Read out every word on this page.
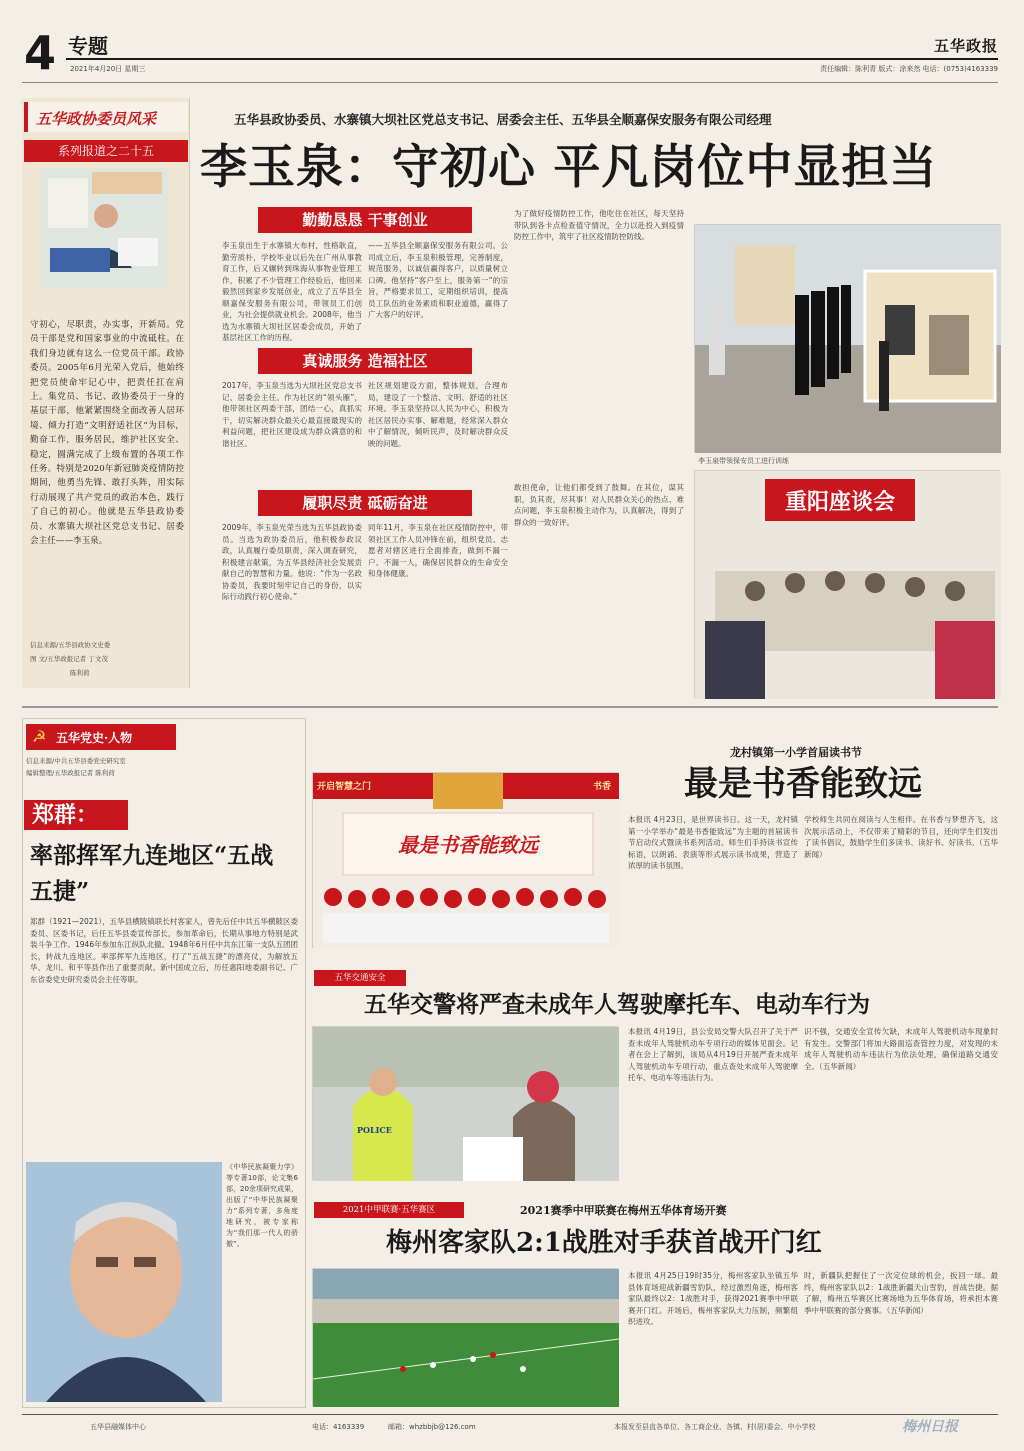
4 专题	五华政报
2021年4月20日 星期三	责任编辑：陈利青 版式：涂来然 电话：(0753)4163339
五华政协委员风采
系列报道之二十五
守初心，尽职责，办实事，开新局。党员干部是党和国家事业的中流砥柱。在我们身边就有这么一位党员干部。政协委员。2005年6月光荣入党后，他始终把党员使命牢记心中，把责任扛在肩上。集党员、书记、政协委员于一身的基层干部，他紧紧围绕全面改善人居环境、倾力打造“文明舒适社区”为目标，勤奋工作，服务居民，维护社区安全、稳定，圆满完成了上级布置的各项工作任务。特别是2020年新冠肺炎疫情防控期间，他勇当先锋、敢打头阵，用实际行动展现了共产党员的政治本色，践行了自己的初心。他就是五华县政协委员、水寨镇大坝社区党总支书记、居委会主任——李玉泉。
信息来源/五华县政协文史委
图 文/五华政报记者 丁文茂
陈利荷
五华县政协委员、水寨镇大坝社区党总支书记、居委会主任、五华县全顺嘉保安服务有限公司经理
李玉泉：守初心 平凡岗位中显担当
勤勤恳恳 干事创业
真诚服务 造福社区
履职尽责 砥砺奋进
李玉泉出生于水寨镇大布村，性格耿直，勤劳质朴，学校毕业以后先在广州从事教育工作，后又辗转到珠海从事物业管理工作，积累了不少管理工作经验后，他回来毅然回到家乡发展创业，成立了五华县全顺嘉保安服务有限公司，带领员工们创业，为社会提供就业机会。2008年，他当选为水寨镇大坝社区居委会成员，开始了基层社区工作的历程。
——五华县全顺嘉保安服务有限公司。公司成立后，李玉泉积极管理，完善制度，规范服务，以诚信赢得客户，以质量树立口碑。他坚持“客户至上，服务第一”的宗旨，严格要求员工，定期组织培训，提高员工队伍的业务素质和职业道德，赢得了广大客户的好评。
2017年，李玉泉当选为大坝社区党总支书记、居委会主任。作为社区的“领头雁”，他带领社区两委干部，团结一心，真抓实干，切实解决群众最关心最直接最现实的利益问题，把社区建设成为群众满意的和谐社区。
社区规划建设方面，整体规划，合理布局，建设了一个整洁、文明、舒适的社区环境。李玉泉坚持以人民为中心，积极为社区居民办实事、解难题，经常深入群众中了解情况，倾听民声，及时解决群众反映的问题。
2009年，李玉泉光荣当选为五华县政协委员。当选为政协委员后，他积极参政议政，认真履行委员职责，深入调查研究，积极建言献策，为五华县经济社会发展贡献自己的智慧和力量。他说：“作为一名政协委员，我要时刻牢记自己的身份，以实际行动践行初心使命。”
同年11月，李玉泉在社区疫情防控中，带领社区工作人员冲锋在前，组织党员、志愿者对辖区进行全面排查，做到不漏一户、不漏一人，确保居民群众的生命安全和身体健康。
为了做好疫情防控工作，他吃住在社区，每天坚持带队到各卡点检查值守情况，全力以赴投入到疫情防控工作中，筑牢了社区疫情防控防线。
敢担使命，让他们都受到了鼓舞。在其位，谋其职，负其责，尽其事！对人民群众关心的热点、难点问题，李玉泉积极主动作为，认真解决，得到了群众的一致好评。
李玉泉带领保安员工进行训练
重阳座谈会
☭ 五华党史·人物
信息来源/中共五华县委党史研究室
编辑整理/五华政报记者 陈利荷
郑群：
率部挥军九连地区“五战五捷”
郑群（1921—2021），五华县横陂镇联长村客家人，曾先后任中共五华横陂区委委员、区委书记，后任五华县委宣传部长，参加革命后，长期从事地方特别是武装斗争工作。1946年参加东江纵队北撤。1948年6月任中共东江第一支队五团团长，转战九连地区。率部挥军九连地区，打了“五战五捷”的漂亮仗，为解放五华、龙川、和平等县作出了重要贡献。新中国成立后，历任惠阳地委副书记、广东省委党史研究委员会主任等职。
《中华民族凝聚力学》等专著10部，论文集6部，20余项研究成果，出版了“中华民族凝聚力”系列专著，多角度地研究，被专家称为“我们那一代人的骄傲”。
龙村镇第一小学首届读书节
最是书香能致远
开启智慧之门	书香
最是书香能致远
本报讯 4月23日，是世界读书日。这一天，龙村镇第一小学举办“最是书香能致远”为主题的首届读书节启动仪式暨读书系列活动。师生们手持读书宣传标语，以朗诵、表演等形式展示读书成果，营造了浓厚的读书氛围。
学校师生共同在阅读与人生相伴。在书香与梦想齐飞，这次展示活动上，不仅带来了精彩的节目，还向学生们发出了读书倡议，鼓励学生们多读书、读好书、好读书。（五华新闻）
五华交通安全
五华交警将严查未成年人驾驶摩托车、电动车行为
POLICE
本报讯 4月19日，县公安局交警大队召开了关于严查未成年人驾驶机动车专项行动的媒体见面会。记者在会上了解到，该局从4月19日开展严查未成年人驾驶机动车专项行动，重点查处未成年人驾驶摩托车、电动车等违法行为。
识不强，交通安全宣传欠缺，未成年人驾驶机动车现象时有发生。交警部门将加大路面巡查管控力度，对发现的未成年人驾驶机动车违法行为依法处理，确保道路交通安全。（五华新闻）
2021中甲联赛·五华赛区	2021赛季中甲联赛在梅州五华体育场开赛
梅州客家队2:1战胜对手获首战开门红
本报讯 4月25日19时35分，梅州客家队坐镇五华县体育场迎战新疆雪豹队，经过激烈角逐，梅州客家队最终以2：1战胜对手，获得2021赛季中甲联赛开门红。开场后，梅州客家队大力压制，频繁组织进攻。
时，新疆队把握住了一次定位球的机会，扳回一球。最终，梅州客家队以2：1战胜新疆天山雪豹，首战告捷。据了解，梅州五华赛区比赛场地为五华体育场，将承担本赛季中甲联赛的部分赛事。（五华新闻）
五华县融媒体中心	电话：4163339	邮箱：whzbbjb@126.com	本报发至县直各单位、各工商企业、各镇、村(居)委会、中小学校	梅州日报
